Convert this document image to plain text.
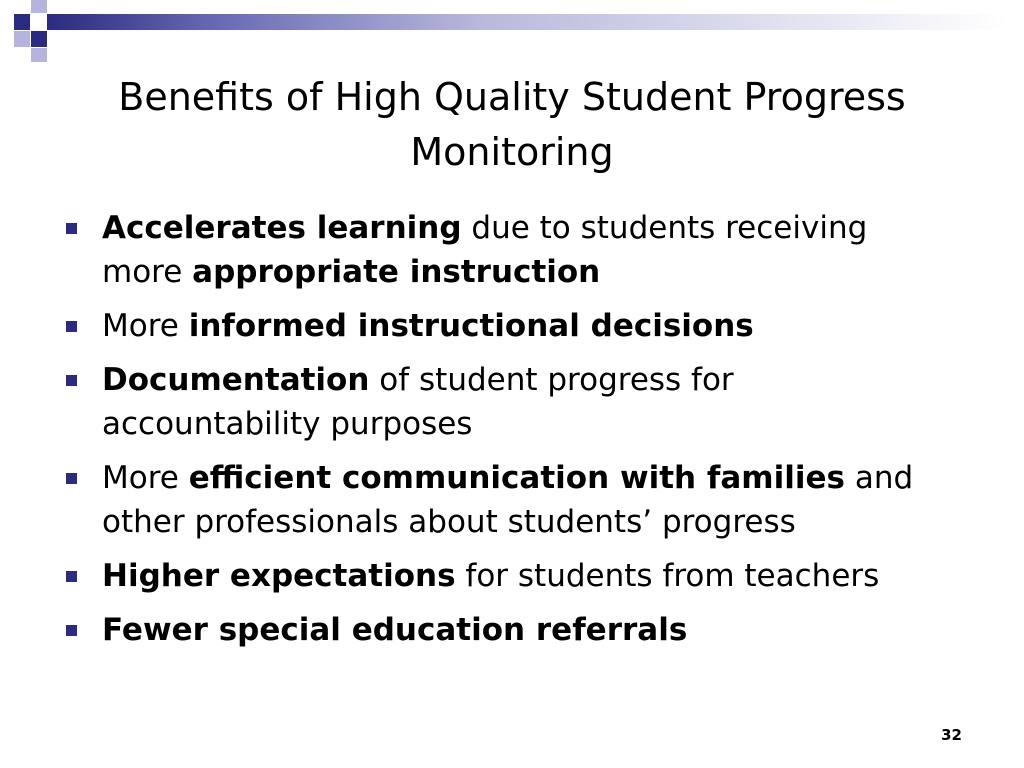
Benefits of High Quality Student Progress
Monitoring
Accelerates learning due to students receiving
more appropriate instruction
More informed instructional decisions
Documentation of student progress for
accountability purposes
More efficient communication with families and
other professionals about students’ progress
Higher expectations for students from teachers
Fewer special education referrals
32
